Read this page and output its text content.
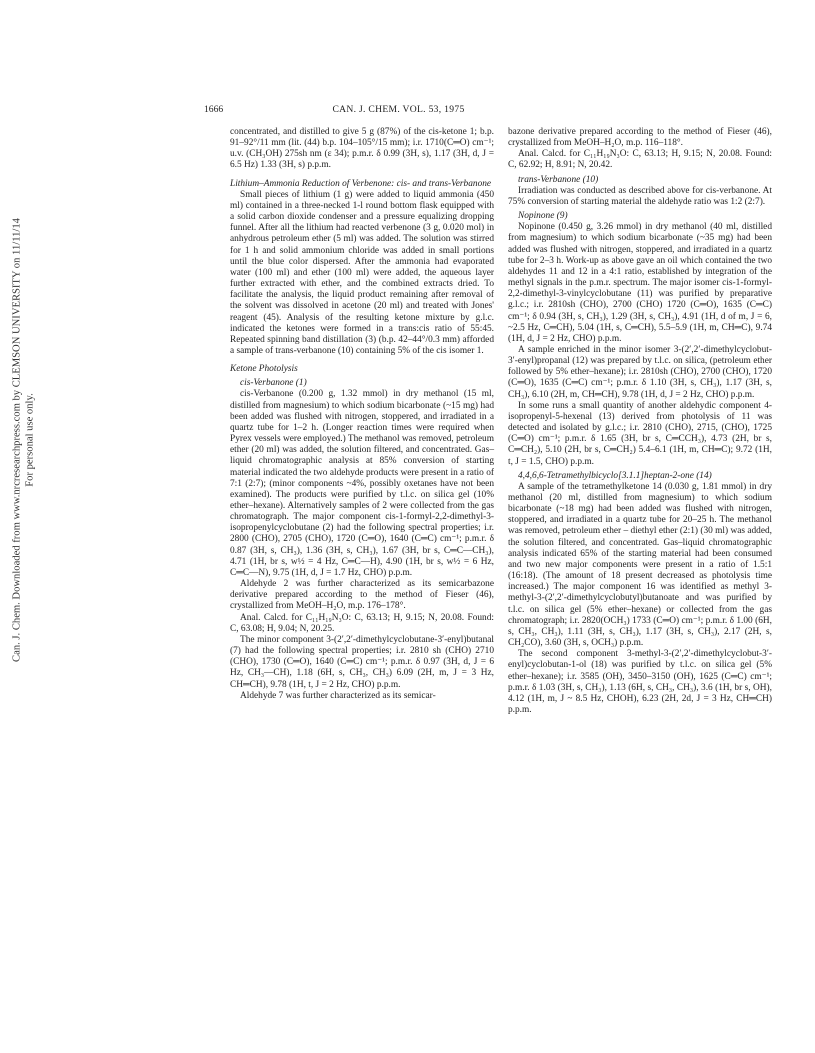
Can. J. Chem. Downloaded from www.nrcresearchpress.com by CLEMSON UNIVERSITY on 11/11/14 For personal use only.
1666	CAN. J. CHEM. VOL. 53, 1975

concentrated, and distilled to give 5 g (87%) of the cis-ketone 1; b.p. 91–92°/11 mm (lit. (44) b.p. 104–105°/15 mm); i.r. 1710(C═O) cm⁻¹; u.v. (CH₃OH) 275sh nm (ε 34); p.m.r. δ 0.99 (3H, s), 1.17 (3H, d, J = 6.5 Hz) 1.33 (3H, s) p.p.m.

Lithium–Ammonia Reduction of Verbenone: cis- and trans-Verbanone

Small pieces of lithium (1 g) were added to liquid ammonia (450 ml) contained in a three-necked 1-l round bottom flask equipped with a solid carbon dioxide condenser and a pressure equalizing dropping funnel. After all the lithium had reacted verbenone (3 g, 0.020 mol) in anhydrous petroleum ether (5 ml) was added. The solution was stirred for 1 h and solid ammonium chloride was added in small portions until the blue color dispersed. After the ammonia had evaporated water (100 ml) and ether (100 ml) were added, the aqueous layer further extracted with ether, and the combined extracts dried. To facilitate the analysis, the liquid product remaining after removal of the solvent was dissolved in acetone (20 ml) and treated with Jones' reagent (45). Analysis of the resulting ketone mixture by g.l.c. indicated the ketones were formed in a trans:cis ratio of 55:45. Repeated spinning band distillation (3) (b.p. 42–44°/0.3 mm) afforded a sample of trans-verbanone (10) containing 5% of the cis isomer 1.

Ketone Photolysis

cis-Verbanone (1)

cis-Verbanone (0.200 g, 1.32 mmol) in dry methanol (15 ml, distilled from magnesium) to which sodium bicarbonate (~15 mg) had been added was flushed with nitrogen, stoppered, and irradiated in a quartz tube for 1–2 h. (Longer reaction times were required when Pyrex vessels were employed.) The methanol was removed, petroleum ether (20 ml) was added, the solution filtered, and concentrated. Gas–liquid chromatographic analysis at 85% conversion of starting material indicated the two aldehyde products were present in a ratio of 7:1 (2:7); (minor components ~4%, possibly oxetanes have not been examined). The products were purified by t.l.c. on silica gel (10% ether–hexane). Alternatively samples of 2 were collected from the gas chromatograph. The major component cis-1-formyl-2,2-dimethyl-3-isopropenylcyclobutane (2) had the following spectral properties; i.r. 2800 (CHO), 2705 (CHO), 1720 (C═O), 1640 (C═C) cm⁻¹; p.m.r. δ 0.87 (3H, s, CH₃), 1.36 (3H, s, CH₃), 1.67 (3H, br s, C═C—CH₃), 4.71 (1H, br s, w½ = 4 Hz, C═C—H), 4.90 (1H, br s, w½ = 6 Hz, C═C—N), 9.75 (1H, d, J = 1.7 Hz, CHO) p.p.m.

Aldehyde 2 was further characterized as its semicarbazone derivative prepared according to the method of Fieser (46), crystallized from MeOH–H₂O, m.p. 176–178°.

Anal. Calcd. for C₁₁H₁₉N₃O: C, 63.13; H, 9.15; N, 20.08. Found: C, 63.08; H, 9.04; N, 20.25.

The minor component 3-(2′,2′-dimethylcyclobutane-3′-enyl)butanal (7) had the following spectral properties; i.r. 2810 sh (CHO) 2710 (CHO), 1730 (C═O), 1640 (C═C) cm⁻¹; p.m.r. δ 0.97 (3H, d, J = 6 Hz, CH₃—CH), 1.18 (6H, s, CH₃, CH₃) 6.09 (2H, m, J = 3 Hz, CH═CH), 9.78 (1H, t, J = 2 Hz, CHO) p.p.m.

Aldehyde 7 was further characterized as its semicar-

bazone derivative prepared according to the method of Fieser (46), crystallized from MeOH–H₂O, m.p. 116–118°.

Anal. Calcd. for C₁₁H₁₉N₃O: C, 63.13; H, 9.15; N, 20.08. Found: C, 62.92; H, 8.91; N, 20.42.

trans-Verbanone (10)

Irradiation was conducted as described above for cis-verbanone. At 75% conversion of starting material the aldehyde ratio was 1:2 (2:7).

Nopinone (9)

Nopinone (0.450 g, 3.26 mmol) in dry methanol (40 ml, distilled from magnesium) to which sodium bicarbonate (~35 mg) had been added was flushed with nitrogen, stoppered, and irradiated in a quartz tube for 2–3 h. Work-up as above gave an oil which contained the two aldehydes 11 and 12 in a 4:1 ratio, established by integration of the methyl signals in the p.m.r. spectrum. The major isomer cis-1-formyl-2,2-dimethyl-3-vinylcyclobutane (11) was purified by preparative g.l.c.; i.r. 2810sh (CHO), 2700 (CHO) 1720 (C═O), 1635 (C═C) cm⁻¹; δ 0.94 (3H, s, CH₃), 1.29 (3H, s, CH₃), 4.91 (1H, d of m, J = 6, ~2.5 Hz, C═CH), 5.04 (1H, s, C═CH), 5.5–5.9 (1H, m, CH═C), 9.74 (1H, d, J = 2 Hz, CHO) p.p.m.

A sample enriched in the minor isomer 3-(2′,2′-dimethylcyclobut-3′-enyl)propanal (12) was prepared by t.l.c. on silica, (petroleum ether followed by 5% ether–hexane); i.r. 2810sh (CHO), 2700 (CHO), 1720 (C═O), 1635 (C═C) cm⁻¹; p.m.r. δ 1.10 (3H, s, CH₃), 1.17 (3H, s, CH₃), 6.10 (2H, m, CH═CH), 9.78 (1H, d, J = 2 Hz, CHO) p.p.m.

In some runs a small quantity of another aldehydic component 4-isopropenyl-5-hexenal (13) derived from photolysis of 11 was detected and isolated by g.l.c.; i.r. 2810 (CHO), 2715, (CHO), 1725 (C═O) cm⁻¹; p.m.r. δ 1.65 (3H, br s, C═CCH₃), 4.73 (2H, br s, C═CH₂), 5.10 (2H, br s, C═CH₂) 5.4–6.1 (1H, m, CH═C); 9.72 (1H, t, J = 1.5, CHO) p.p.m.

4,4,6,6-Tetramethylbicyclo[3.1.1]heptan-2-one (14)

A sample of the tetramethylketone 14 (0.030 g, 1.81 mmol) in dry methanol (20 ml, distilled from magnesium) to which sodium bicarbonate (~18 mg) had been added was flushed with nitrogen, stoppered, and irradiated in a quartz tube for 20–25 h. The methanol was removed, petroleum ether – diethyl ether (2:1) (30 ml) was added, the solution filtered, and concentrated. Gas–liquid chromatographic analysis indicated 65% of the starting material had been consumed and two new major components were present in a ratio of 1.5:1 (16:18). (The amount of 18 present decreased as photolysis time increased.) The major component 16 was identified as methyl 3-methyl-3-(2′,2′-dimethylcyclobutyl)butanoate and was purified by t.l.c. on silica gel (5% ether–hexane) or collected from the gas chromatograph; i.r. 2820(OCH₃) 1733 (C═O) cm⁻¹; p.m.r. δ 1.00 (6H, s, CH₃, CH₃), 1.11 (3H, s, CH₃), 1.17 (3H, s, CH₃), 2.17 (2H, s, CH₂CO), 3.60 (3H, s, OCH₃) p.p.m.

The second component 3-methyl-3-(2′,2′-dimethylcyclobut-3′-enyl)cyclobutan-1-ol (18) was purified by t.l.c. on silica gel (5% ether–hexane); i.r. 3585 (OH), 3450–3150 (OH), 1625 (C═C) cm⁻¹; p.m.r. δ 1.03 (3H, s, CH₃), 1.13 (6H, s, CH₃, CH₃), 3.6 (1H, br s, OH), 4.12 (1H, m, J ~ 8.5 Hz, CHOH), 6.23 (2H, 2d, J = 3 Hz, CH═CH) p.p.m.
